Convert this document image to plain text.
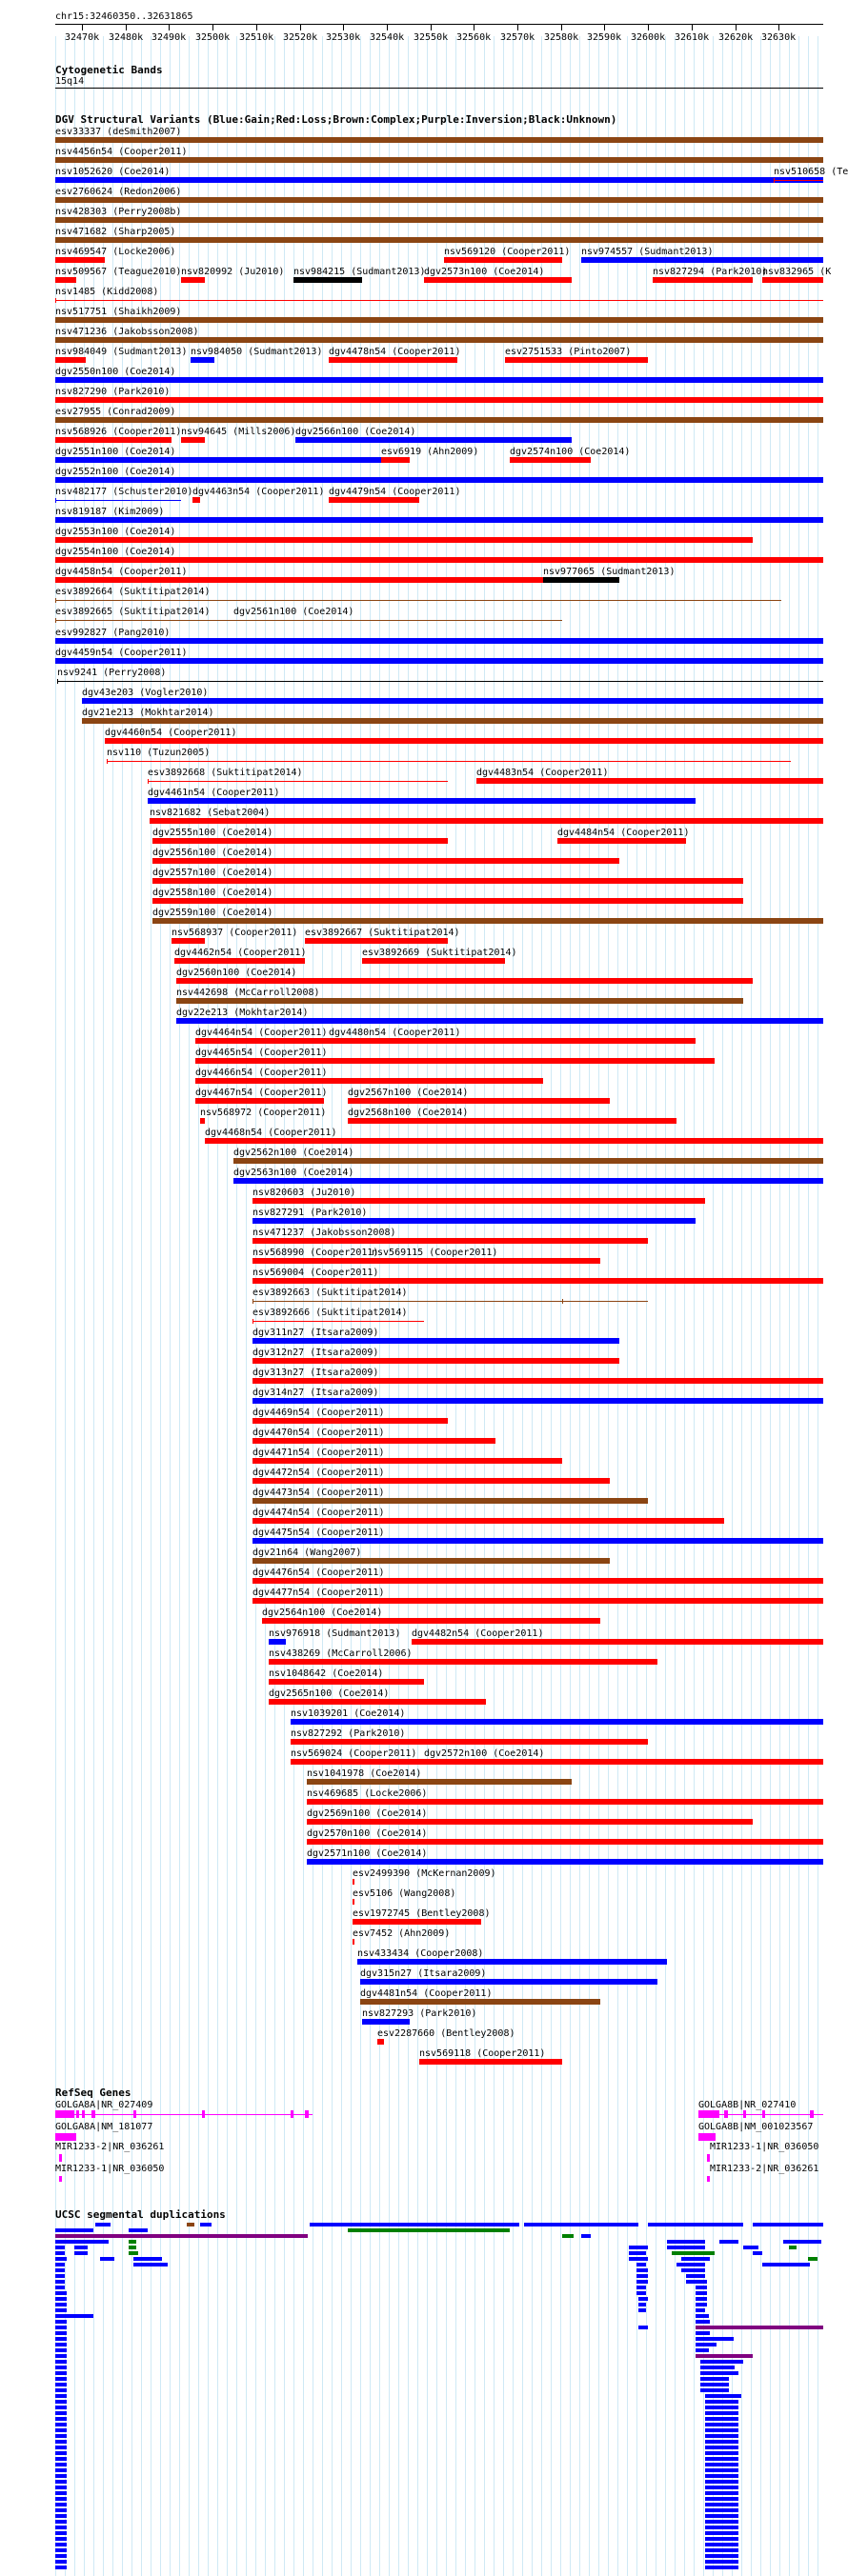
chr15:32460350..32631865
32470k 32480k 32490k 32500k 32510k 32520k 32530k 32540k 32550k 32560k 32570k 32580k 32590k 32600k 32610k 32620k 32630k
Cytogenetic Bands
15q14
DGV Structural Variants (Blue:Gain;Red:Loss;Brown:Complex;Purple:Inversion;Black:Unknown)
esv33337 (deSmith2007)
nsv4456n54 (Cooper2011)
nsv1052620 (Coe2014)	nsv510658 (Te
esv2760624 (Redon2006)
nsv428303 (Perry2008b)
nsv471682 (Sharp2005)
nsv469547 (Locke2006)	nsv569120 (Cooper2011) nsv974557 (Sudmant2013)
nsv509567 (Teague2010) nsv820992 (Ju2010) nsv984215 (Sudmant2013)
dgv2573n100 (Coe2014)	nsv827294 (Park2010)
nsv832965 (K
nsv1485 (Kidd2008)
nsv517751 (Shaikh2009)
nsv471236 (Jakobsson2008)
nsv984049 (Sudmant2013) nsv984050 (Sudmant2013) dgv4478n54 (Cooper2011)	esv2751533 (Pinto2007)
dgv2550n100 (Coe2014)
nsv827290 (Park2010)
esv27955 (Conrad2009)
nsv568926 (Cooper2011) nsv94645 (Mills2006) dgv2566n100 (Coe2014)
dgv2551n100 (Coe2014)	esv6919 (Ahn2009)	dgv2574n100 (Coe2014)
dgv2552n100 (Coe2014)
nsv482177 (Schuster2010) dgv4463n54 (Cooper2011) dgv4479n54 (Cooper2011)
nsv819187 (Kim2009)
dgv2553n100 (Coe2014)
dgv2554n100 (Coe2014)
dgv4458n54 (Cooper2011)	nsv977065 (Sudmant2013)
esv3892664 (Suktitipat2014)
esv3892665 (Suktitipat2014) dgv2561n100 (Coe2014)
esv992827 (Pang2010)
dgv4459n54 (Cooper2011)
nsv9241 (Perry2008)
dgv43e203 (Vogler2010)
dgv21e213 (Mokhtar2014)
dgv4460n54 (Cooper2011)
nsv110 (Tuzun2005)
esv3892668 (Suktitipat2014)	dgv4483n54 (Cooper2011)
dgv4461n54 (Cooper2011)
nsv821682 (Sebat2004)
dgv2555n100 (Coe2014)	dgv4484n54 (Cooper2011)
dgv2556n100 (Coe2014)
dgv2557n100 (Coe2014)
dgv2558n100 (Coe2014)
dgv2559n100 (Coe2014)
nsv568937 (Cooper2011) esv3892667 (Suktitipat2014)
dgv4462n54 (Cooper2011)	esv3892669 (Suktitipat2014)
dgv2560n100 (Coe2014)
nsv442698 (McCarroll2008)
dgv22e213 (Mokhtar2014)
dgv4464n54 (Cooper2011) dgv4480n54 (Cooper2011)
dgv4465n54 (Cooper2011)
dgv4466n54 (Cooper2011)
dgv4467n54 (Cooper2011) dgv2567n100 (Coe2014)
nsv568972 (Cooper2011) dgv2568n100 (Coe2014)
dgv4468n54 (Cooper2011)
dgv2562n100 (Coe2014)
dgv2563n100 (Coe2014)
nsv820603 (Ju2010)
nsv827291 (Park2010)
nsv471237 (Jakobsson2008)
nsv568990 (Cooper2011)
nsv569115 (Cooper2011)
nsv569004 (Cooper2011)
esv3892663 (Suktitipat2014)
esv3892666 (Suktitipat2014)
dgv311n27 (Itsara2009)
dgv312n27 (Itsara2009)
dgv313n27 (Itsara2009)
dgv314n27 (Itsara2009)
dgv4469n54 (Cooper2011)
dgv4470n54 (Cooper2011)
dgv4471n54 (Cooper2011)
dgv4472n54 (Cooper2011)
dgv4473n54 (Cooper2011)
dgv4474n54 (Cooper2011)
dgv4475n54 (Cooper2011)
dgv21n64 (Wang2007)
dgv4476n54 (Cooper2011)
dgv4477n54 (Cooper2011)
dgv2564n100 (Coe2014)
nsv976918 (Sudmant2013) dgv4482n54 (Cooper2011)
nsv438269 (McCarroll2006)
nsv1048642 (Coe2014)
dgv2565n100 (Coe2014)
nsv1039201 (Coe2014)
nsv827292 (Park2010)
nsv569024 (Cooper2011) dgv2572n100 (Coe2014)
nsv1041978 (Coe2014)
nsv469685 (Locke2006)
dgv2569n100 (Coe2014)
dgv2570n100 (Coe2014)
dgv2571n100 (Coe2014)
esv2499390 (McKernan2009)
esv5106 (Wang2008)
esv1972745 (Bentley2008)
esv7452 (Ahn2009)
nsv433434 (Cooper2008)
dgv315n27 (Itsara2009)
dgv4481n54 (Cooper2011)
nsv827293 (Park2010)
esv2287660 (Bentley2008)
nsv569118 (Cooper2011)
RefSeq Genes
GOLGA8A|NR_027409
GOLGA8A|NM_181077
MIR1233-2|NR_036261
MIR1233-1|NR_036050
GOLGA8B|NR_027410
GOLGA8B|NM_001023567
MIR1233-1|NR_036050
MIR1233-2|NR_036261
UCSC segmental duplications
